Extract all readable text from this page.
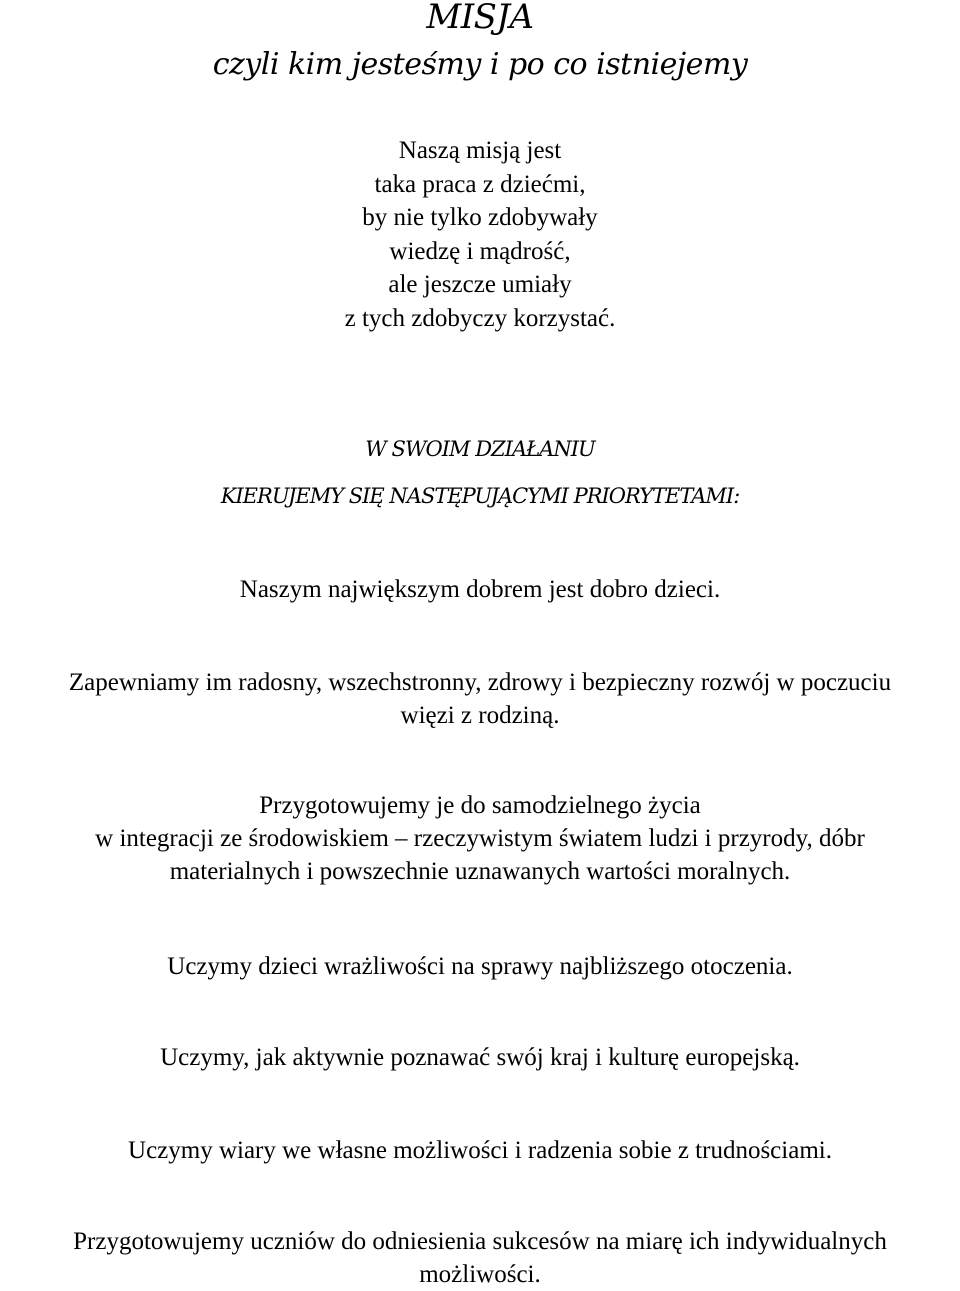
MISJA
czyli kim jesteśmy i po co istniejemy
Naszą misją jest
taka praca z dziećmi,
by nie tylko zdobywały
wiedzę i mądrość,
ale jeszcze umiały
z tych zdobyczy korzystać.
W SWOIM DZIAŁANIU
KIERUJEMY SIĘ NASTĘPUJĄCYMI PRIORYTETAMI:

Naszym największym dobrem jest dobro dzieci.

Zapewniamy im radosny, wszechstronny, zdrowy i bezpieczny rozwój w poczuciu
więzi z rodziną.

Przygotowujemy je do samodzielnego życia
w integracji ze środowiskiem – rzeczywistym światem ludzi i przyrody, dóbr
materialnych i powszechnie uznawanych wartości moralnych.

Uczymy dzieci wrażliwości na sprawy najbliższego otoczenia.

Uczymy, jak aktywnie poznawać swój kraj i kulturę europejską.

Uczymy wiary we własne możliwości i radzenia sobie z trudnościami.

Przygotowujemy uczniów do odniesienia sukcesów na miarę ich indywidualnych
możliwości.
